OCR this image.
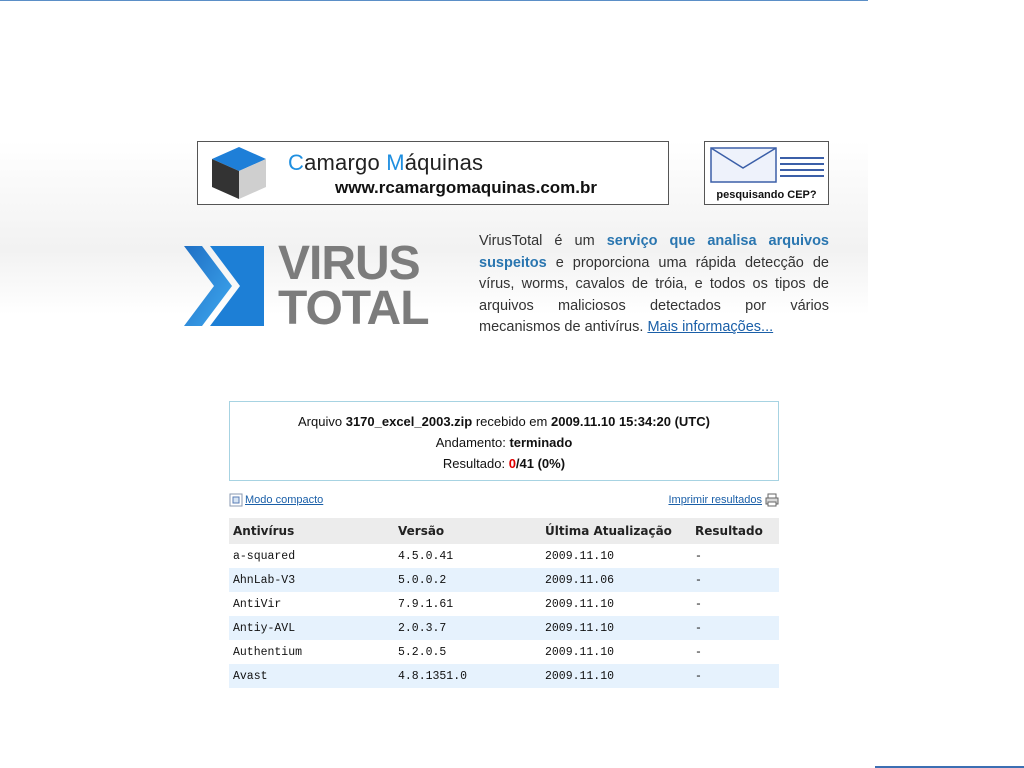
Camargo Máquinas
www.rcamargomaquinas.com.br	pesquisando CEP?
VIRUS
TOTAL
VirusTotal é um serviço que analisa arquivos suspeitos e proporciona uma rápida detecção de vírus, worms, cavalos de tróia, e todos os tipos de arquivos maliciosos detectados por vários mecanismos de antivírus. Mais informações...
Arquivo 3170_excel_2003.zip recebido em 2009.11.10 15:34:20 (UTC)
Andamento: terminado
Resultado: 0/41 (0%)
Modo compacto	Imprimir resultados
Antivírus	Versão	Última Atualização	Resultado
a-squared	4.5.0.41	2009.11.10	-
AhnLab-V3	5.0.0.2	2009.11.06	-
AntiVir	7.9.1.61	2009.11.10	-
Antiy-AVL	2.0.3.7	2009.11.10	-
Authentium	5.2.0.5	2009.11.10	-
Avast	4.8.1351.0	2009.11.10	-
